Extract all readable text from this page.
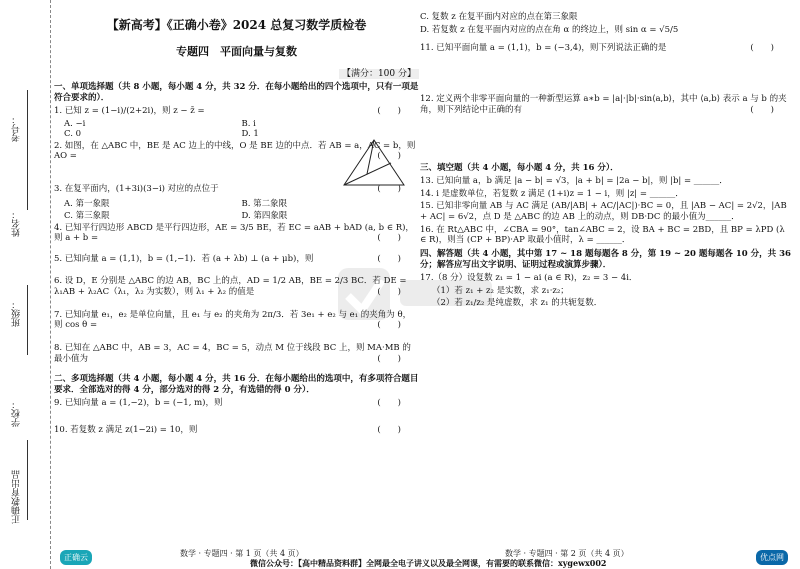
考号：
姓名：
班级：
学校：
正确教育出品
【新高考】《正确小卷》2024 总复习数学质检卷
专题四　平面向量与复数
【满分：100 分】
一、单项选择题（共 8 小题，每小题 4 分，共 32 分．在每小题给出的四个选项中，只有一项是符合要求的）．
1. 已知 z = (1−i)/(2+2i)，则 z − z̄ =	(　　)
A. −i	B. i
C. 0	D. 1
2. 如图，在 △ABC 中，BE 是 AC 边上的中线，O 是 BE 边的中点．若 AB = a，AC = b，则 AO =	(　　)
3. 在复平面内，(1+3i)(3−i) 对应的点位于	(　　)
A. 第一象限	B. 第二象限
C. 第三象限	D. 第四象限
4. 已知平行四边形 ABCD 是平行四边形，AE = 3/5 BE，若 EC = aAB + bAD (a, b ∈ R)，则 a + b =	(　　)
5. 已知向量 a = (1,1)，b = (1,−1)．若 (a + λb) ⊥ (a + μb)，则	(　　)
6. 设 D，E 分别是 △ABC 的边 AB，BC 上的点，AD = 1/2 AB，BE = 2/3 BC．若 DE = λ₁AB + λ₂AC（λ₁，λ₂ 为实数），则 λ₁ + λ₂ 的值是	(　　)
7. 已知向量 e₁，e₂ 是单位向量，且 e₁ 与 e₂ 的夹角为 2π/3．若 3e₁ + e₂ 与 e₁ 的夹角为 θ，则 cos θ =	(　　)
8. 已知在 △ABC 中，AB = 3，AC = 4，BC = 5，动点 M 位于线段 BC 上，则 MA·MB 的最小值为	(　　)
二、多项选择题（共 4 小题，每小题 4 分，共 16 分．在每小题给出的选项中，有多项符合题目要求．全部选对的得 4 分，部分选对的得 2 分，有选错的得 0 分）．
9. 已知向量 a = (1,−2)，b = (−1, m)，则	(　　)
10. 若复数 z 满足 z(1−2i) = 10，则	(　　)
C. 复数 z 在复平面内对应的点在第三象限
D. 若复数 z 在复平面内对应的点在角 α 的终边上，则 sin α = √5/5
11. 已知平面向量 a = (1,1)，b = (−3,4)，则下列说法正确的是	(　　)
12. 定义两个非零平面向量的一种新型运算 a∗b = |a|·|b|·sin⟨a,b⟩，其中 ⟨a,b⟩ 表示 a 与 b 的夹角，则下列结论中正确的有	(　　)
三、填空题（共 4 小题，每小题 4 分，共 16 分）．
13. 已知向量 a，b 满足 |a − b| = √3，|a + b| = |2a − b|，则 |b| = ______．
14. i 是虚数单位，若复数 z 满足 (1+i)z = 1 − i，则 |z| = ______．
15. 已知非零向量 AB 与 AC 满足 (AB/|AB| + AC/|AC|)·BC = 0，且 |AB − AC| = 2√2，|AB + AC| = 6√2，点 D 是 △ABC 的边 AB 上的动点，则 DB·DC 的最小值为______．
16. 在 Rt△ABC 中，∠CBA = 90°，tan∠ABC = 2，设 BA + BC = 2BD，且 BP = λPD (λ ∈ R)，则当 (CP + BP)·AP 取最小值时，λ = ______．
四、解答题（共 4 小题，其中第 17 ~ 18 题每题各 8 分，第 19 ~ 20 题每题各 10 分，共 36 分；解答应写出文字说明、证明过程或演算步骤）．
17.（8 分）设复数 z₁ = 1 − ai (a ∈ R)，z₂ = 3 − 4i．
（1）若 z₁ + z₂ 是实数，求 z₁·z₂；
（2）若 z₁/z₂ 是纯虚数，求 z₁ 的共轭复数．
正确云	数学 · 专题四 · 第 1 页（共 4 页）	数学 · 专题四 · 第 2 页（共 4 页）
微信公众号：【高中精品资料群】全网最全电子讲义以及最全网课，有需要的联系微信：xygewx002
优点网
